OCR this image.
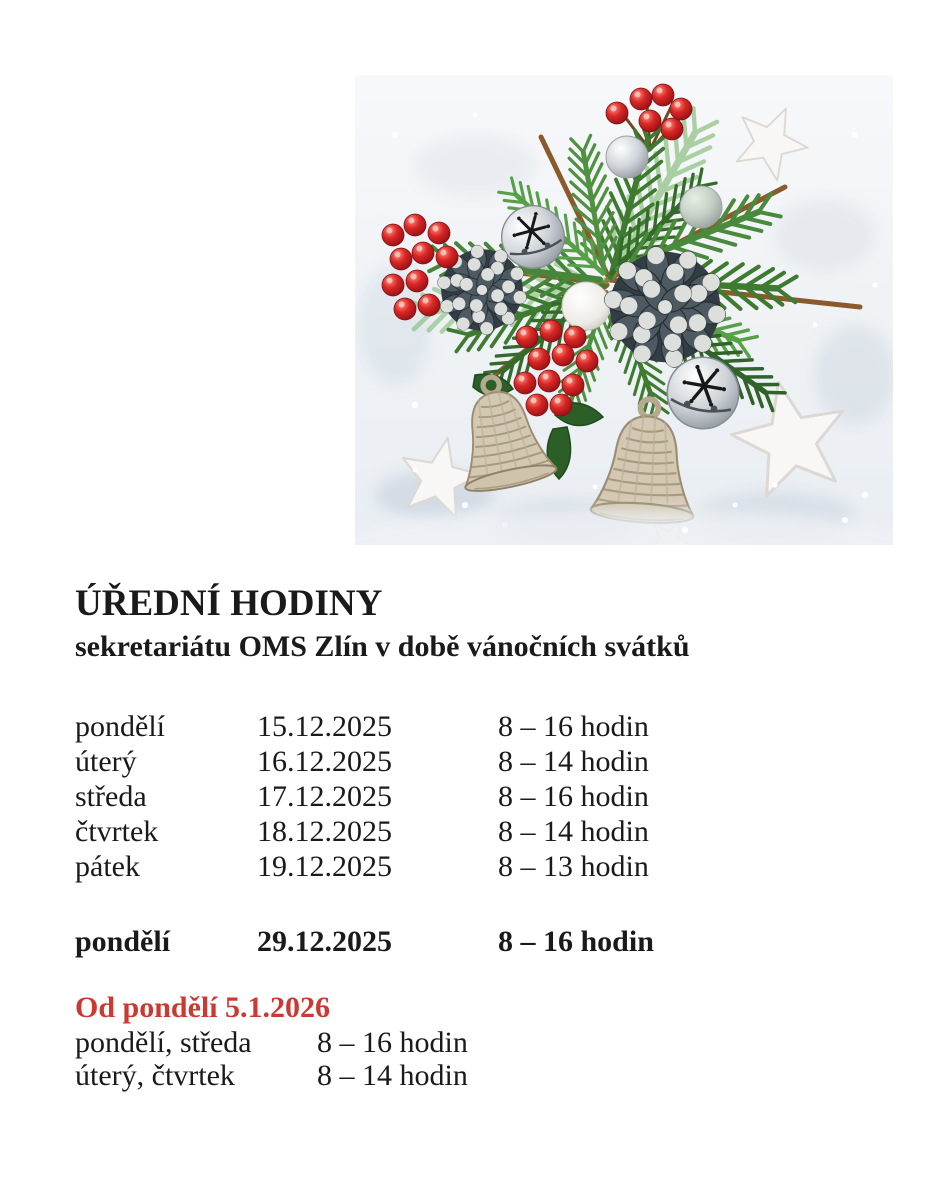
ÚŘEDNÍ HODINY
sekretariátu OMS Zlín v době vánočních svátků
pondělí	15.12.2025	8 – 16 hodin
úterý	16.12.2025	8 – 14 hodin
středa	17.12.2025	8 – 16 hodin
čtvrtek	18.12.2025	8 – 14 hodin
pátek	19.12.2025	8 – 13 hodin
pondělí	29.12.2025	8 – 16 hodin
Od pondělí 5.1.2026
pondělí, středa	8 – 16 hodin
úterý, čtvrtek	8 – 14 hodin
